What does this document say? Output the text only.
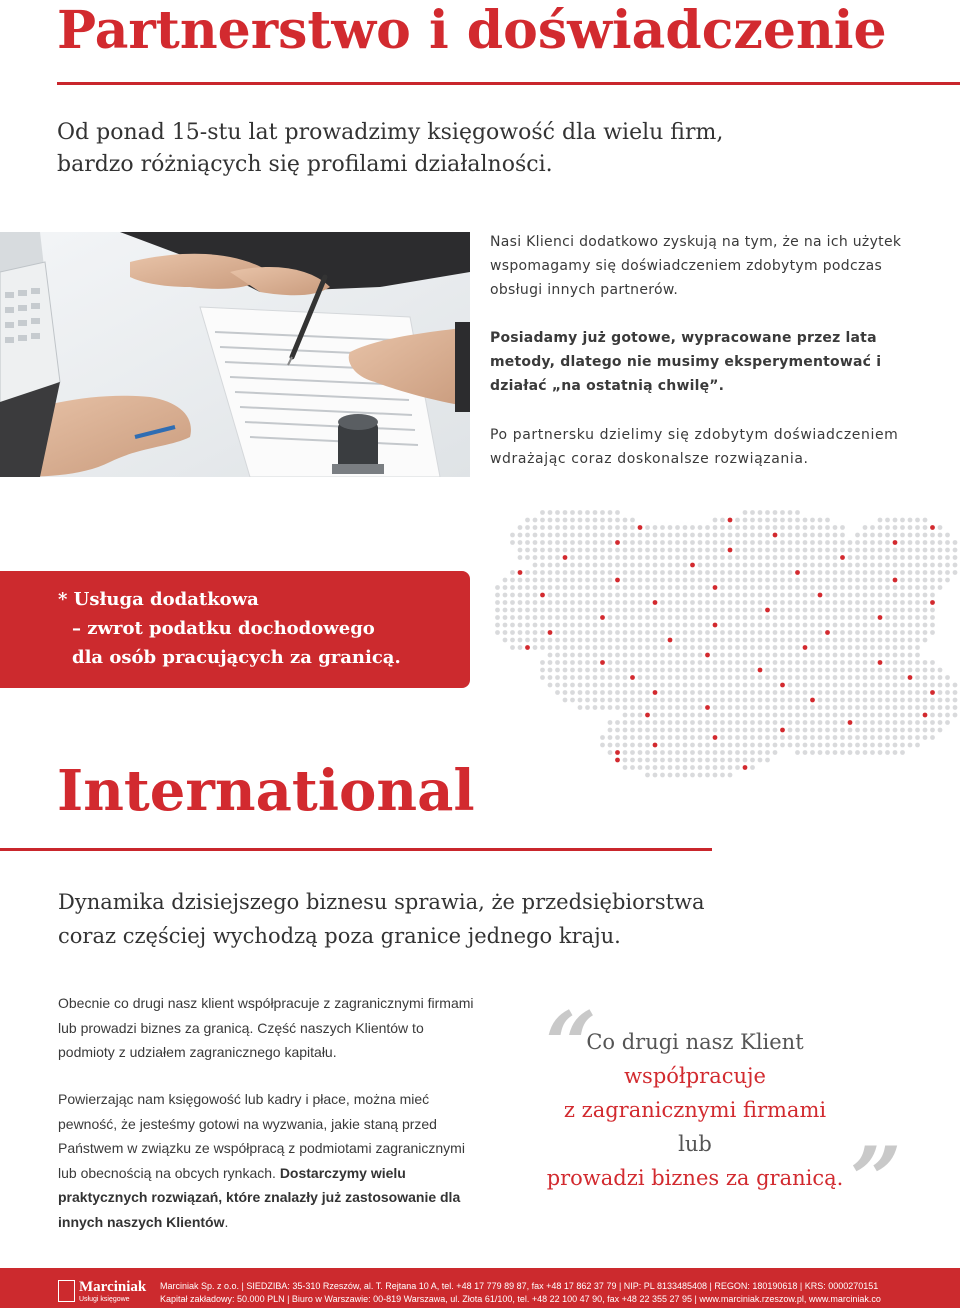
Partnerstwo i doświadczenie
Od ponad 15-stu lat prowadzimy księgowość dla wielu firm,
bardzo różniących się profilami działalności.
Nasi Klienci dodatkowo zyskują na tym, że na ich użytek wspomagamy się doświadczeniem zdobytym podczas obsługi innych partnerów.
Posiadamy już gotowe, wypracowane przez lata metody, dlatego nie musimy eksperymentować i działać „na ostatnią chwilę”.
Po partnersku dzielimy się zdobytym doświadczeniem wdrażając coraz doskonalsze rozwiązania.
* Usługa dodatkowa
– zwrot podatku dochodowego
dla osób pracujących za granicą.
International
Dynamika dzisiejszego biznesu sprawia, że przedsiębiorstwa
coraz częściej wychodzą poza granice jednego kraju.
Obecnie co drugi nasz klient współpracuje z zagranicznymi firmami lub prowadzi biznes za granicą. Część naszych Klientów to podmioty z udziałem zagranicznego kapitału.
Powierzając nam księgowość lub kadry i płace, można mieć pewność, że jesteśmy gotowi na wyzwania, jakie staną przed Państwem w związku ze współpracą z podmiotami zagranicznymi lub obecnością na obcych rynkach. Dostarczymy wielu praktycznych rozwiązań, które znalazły już zastosowanie dla innych naszych Klientów.
“
Co drugi nasz Klient
współpracuje
z zagranicznymi firmami
lub
prowadzi biznes za granicą. ”
Marciniak
Usługi księgowe
Marciniak Sp. z o.o. | SIEDZIBA: 35-310 Rzeszów, al. T. Rejtana 10 A, tel. +48 17 779 89 87, fax +48 17 862 37 79 | NIP: PL 8133485408 | REGON: 180190618 | KRS: 0000270151
Kapitał zakładowy: 50.000 PLN | Biuro w Warszawie: 00-819 Warszawa, ul. Złota 61/100, tel. +48 22 100 47 90, fax +48 22 355 27 95 | www.marciniak.rzeszow.pl, www.marciniak.co
